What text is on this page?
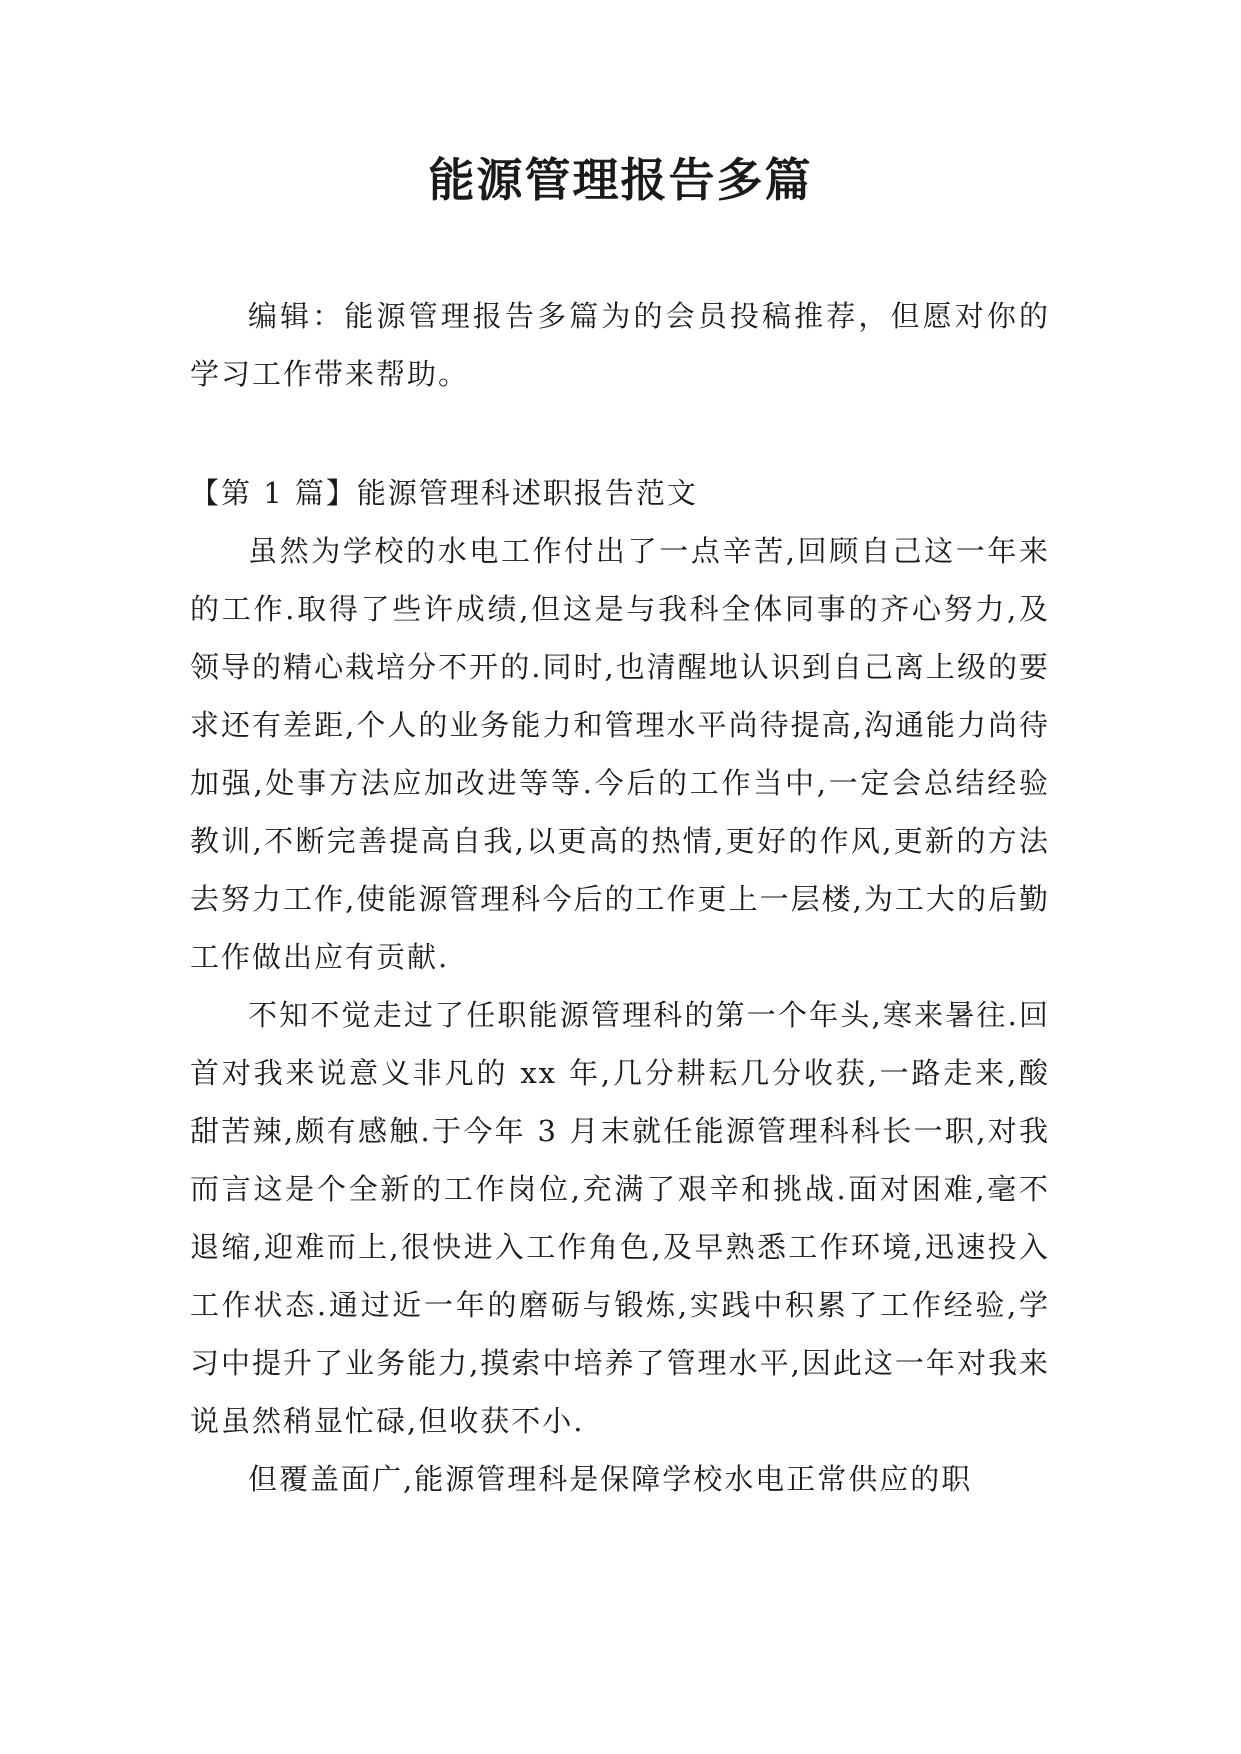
能源管理报告多篇

编辑：能源管理报告多篇为的会员投稿推荐，但愿对你的学习工作带来帮助。

【第 1 篇】能源管理科述职报告范文

虽然为学校的水电工作付出了一点辛苦,回顾自己这一年来的工作.取得了些许成绩,但这是与我科全体同事的齐心努力,及领导的精心栽培分不开的.同时,也清醒地认识到自己离上级的要求还有差距,个人的业务能力和管理水平尚待提高,沟通能力尚待加强,处事方法应加改进等等.今后的工作当中,一定会总结经验教训,不断完善提高自我,以更高的热情,更好的作风,更新的方法去努力工作,使能源管理科今后的工作更上一层楼,为工大的后勤工作做出应有贡献.

不知不觉走过了任职能源管理科的第一个年头,寒来暑往.回首对我来说意义非凡的 xx 年,几分耕耘几分收获,一路走来,酸甜苦辣,颇有感触.于今年 3 月末就任能源管理科科长一职,对我而言这是个全新的工作岗位,充满了艰辛和挑战.面对困难,毫不退缩,迎难而上,很快进入工作角色,及早熟悉工作环境,迅速投入工作状态.通过近一年的磨砺与锻炼,实践中积累了工作经验,学习中提升了业务能力,摸索中培养了管理水平,因此这一年对我来说虽然稍显忙碌,但收获不小.

但覆盖面广,能源管理科是保障学校水电正常供应的职
